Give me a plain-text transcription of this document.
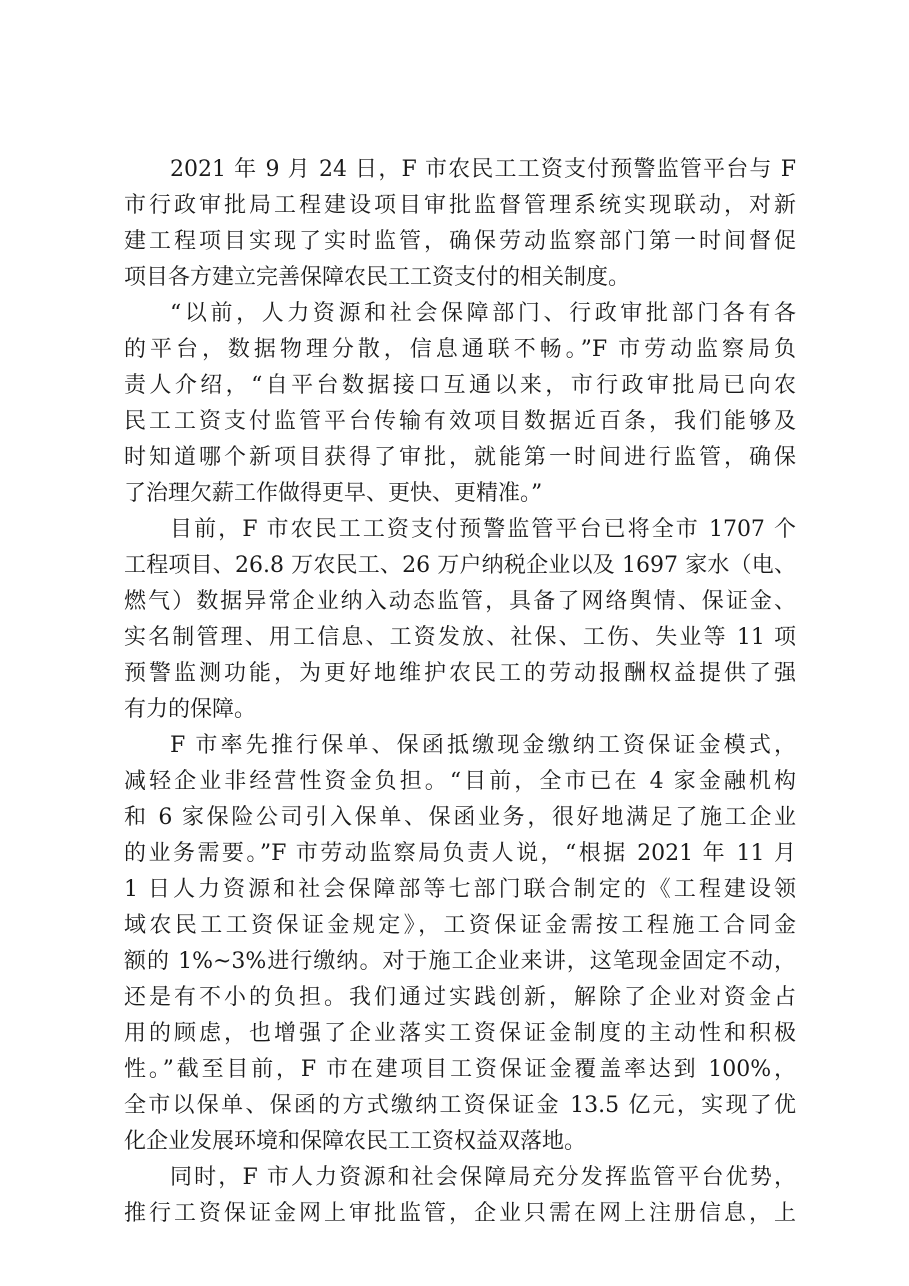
2021 年 9 月 24 日，F 市农民工工资支付预警监管平台与 F
市行政审批局工程建设项目审批监督管理系统实现联动，对新
建工程项目实现了实时监管，确保劳动监察部门第一时间督促
项目各方建立完善保障农民工工资支付的相关制度。
“以前，人力资源和社会保障部门、行政审批部门各有各
的平台，数据物理分散，信息通联不畅。”F 市劳动监察局负
责人介绍，“自平台数据接口互通以来，市行政审批局已向农
民工工资支付监管平台传输有效项目数据近百条，我们能够及
时知道哪个新项目获得了审批，就能第一时间进行监管，确保
了治理欠薪工作做得更早、更快、更精准。”
目前，F 市农民工工资支付预警监管平台已将全市 1707 个
工程项目、26.8 万农民工、26 万户纳税企业以及 1697 家水（电、
燃气）数据异常企业纳入动态监管，具备了网络舆情、保证金、
实名制管理、用工信息、工资发放、社保、工伤、失业等 11 项
预警监测功能，为更好地维护农民工的劳动报酬权益提供了强
有力的保障。
F 市率先推行保单、保函抵缴现金缴纳工资保证金模式，
减轻企业非经营性资金负担。“目前，全市已在 4 家金融机构
和 6 家保险公司引入保单、保函业务，很好地满足了施工企业
的业务需要。”F 市劳动监察局负责人说，“根据 2021 年 11 月
1 日人力资源和社会保障部等七部门联合制定的《工程建设领
域农民工工资保证金规定》，工资保证金需按工程施工合同金
额的 1%~3%进行缴纳。对于施工企业来讲，这笔现金固定不动，
还是有不小的负担。我们通过实践创新，解除了企业对资金占
用的顾虑，也增强了企业落实工资保证金制度的主动性和积极
性。”截至目前，F 市在建项目工资保证金覆盖率达到 100%，
全市以保单、保函的方式缴纳工资保证金 13.5 亿元，实现了优
化企业发展环境和保障农民工工资权益双落地。
同时，F 市人力资源和社会保障局充分发挥监管平台优势，
推行工资保证金网上审批监管，企业只需在网上注册信息，上
